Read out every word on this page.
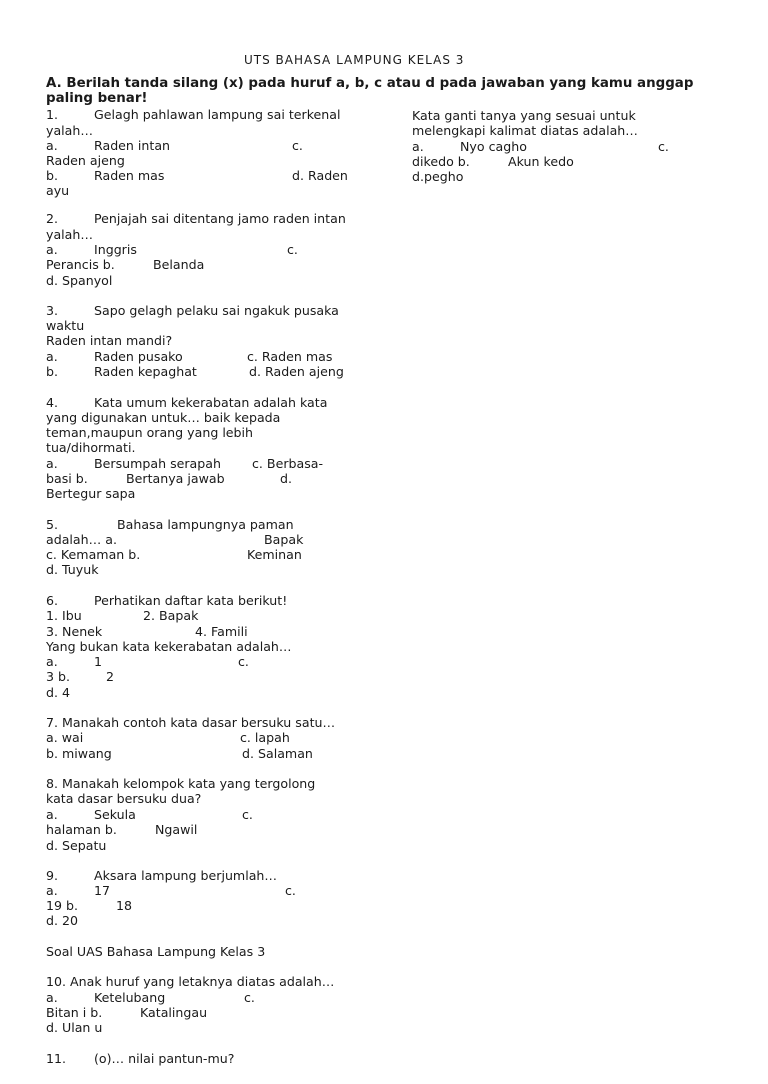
UTS BAHASA LAMPUNG KELAS 3
A. Berilah tanda silang (x) pada huruf a, b, c atau d pada jawaban yang kamu anggap paling benar!
1.	Gelagh pahlawan lampung sai terkenal
yalah…
a.	Raden intan	c.
Raden ajeng
b.	Raden mas	d. Raden
ayu
2.	Penjajah sai ditentang jamo raden intan
yalah…
a.	Inggris	c.
Perancis b.	Belanda
d. Spanyol
3.	Sapo gelagh pelaku sai ngakuk pusaka
waktu
Raden intan mandi?
a.	Raden pusako	c. Raden mas
b.	Raden kepaghat	d. Raden ajeng
4.	Kata umum kekerabatan adalah kata
yang digunakan untuk… baik kepada
teman,maupun orang yang lebih
tua/dihormati.
a.	Bersumpah serapah c. Berbasa-
basi b.	Bertanya jawab	d.
Bertegur sapa
5.	Bahasa lampungnya paman
adalah… a.	Bapak
c. Kemaman b.	Keminan
d. Tuyuk
6.	Perhatikan daftar kata berikut!
1. Ibu	2. Bapak
3. Nenek	4. Famili
Yang bukan kata kekerabatan adalah…
a.	1	c.
3 b.	2
d. 4
7. Manakah contoh kata dasar bersuku satu…
a. wai	c. lapah
b. miwang	d. Salaman
8. Manakah kelompok kata yang tergolong
kata dasar bersuku dua?
a.	Sekula	c.
halaman b.	Ngawil
d. Sepatu
9.	Aksara lampung berjumlah…
a.	17	c.
19 b.	18
d. 20
Soal UAS Bahasa Lampung Kelas 3
10. Anak huruf yang letaknya diatas adalah…
a.	Ketelubang	c.
Bitan i b.	Katalingau
d. Ulan u
11. (o)… nilai pantun-mu?
Kata ganti tanya yang sesuai untuk
melengkapi kalimat diatas adalah…
a.	Nyo cagho	c.
dikedo b.	Akun kedo
d.pegho
